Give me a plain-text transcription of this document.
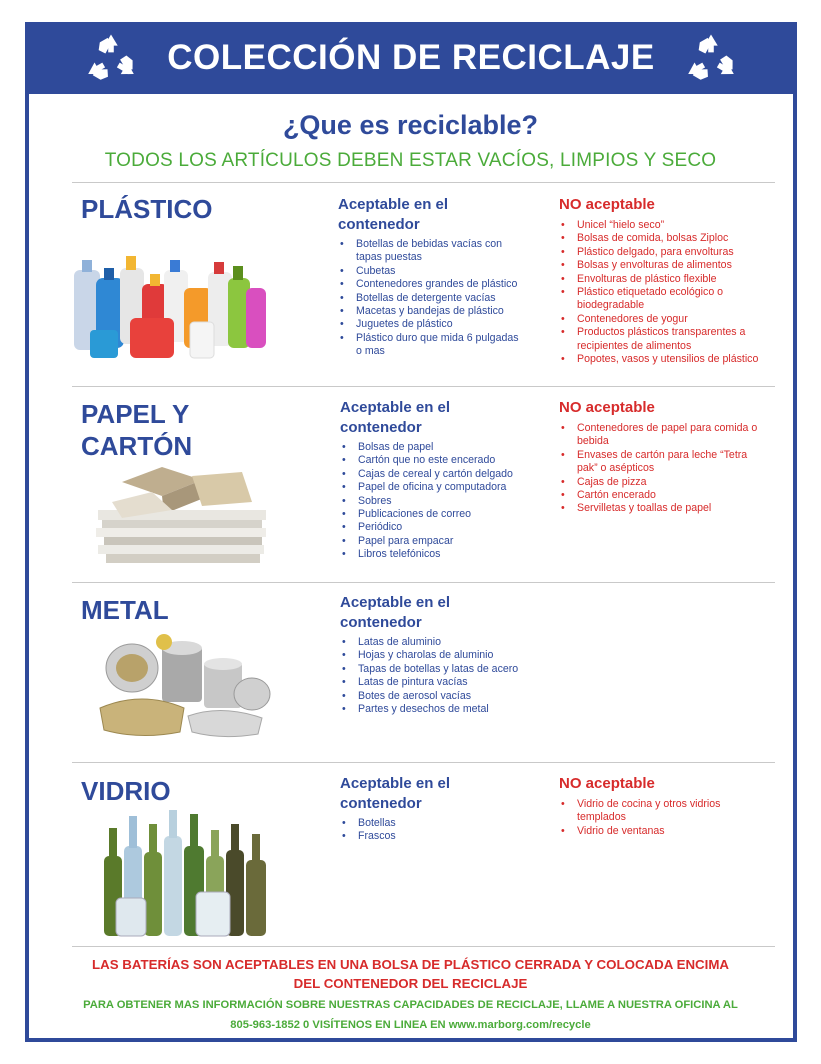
COLECCIÓN DE RECICLAJE
¿Que es reciclable?
TODOS LOS ARTÍCULOS DEBEN ESTAR VACÍOS, LIMPIOS Y SECO
PLÁSTICO	Aceptable en el contenedor
• Botellas de bebidas vacías con tapas puestas
• Cubetas
• Contenedores grandes de plástico
• Botellas de detergente vacías
• Macetas y bandejas de plástico
• Juguetes de plástico
• Plástico duro que mida 6 pulgadas o mas
NO aceptable
• Unicel “hielo seco”
• Bolsas de comida, bolsas Ziploc
• Plástico delgado, para envolturas
• Bolsas y envolturas de alimentos
• Envolturas de plástico flexible
• Plástico etiquetado ecológico o biodegradable
• Contenedores de yogur
• Productos plásticos transparentes a recipientes de alimentos
• Popotes, vasos y utensilios de plástico
PAPEL Y
CARTÓN
Aceptable en el contenedor
• Bolsas de papel
• Cartón que no este encerado
• Cajas de cereal y cartón delgado
• Papel de oficina y computadora
• Sobres
• Publicaciones de correo
• Periódico
• Papel para empacar
• Libros telefónicos
NO aceptable
• Contenedores de papel para comida o bebida
• Envases de cartón para leche “Tetra pak” o asépticos
• Cajas de pizza
• Cartón encerado
• Servilletas y toallas de papel
METAL	Aceptable en el contenedor
• Latas de aluminio
• Hojas y charolas de aluminio
• Tapas de botellas y latas de acero
• Latas de pintura vacías
• Botes de aerosol vacías
• Partes y desechos de metal
VIDRIO	Aceptable en el contenedor
• Botellas
• Frascos
NO aceptable
• Vidrio de cocina y otros vidrios templados
• Vidrio de ventanas
LAS BATERÍAS SON ACEPTABLES EN UNA BOLSA DE PLÁSTICO CERRADA Y COLOCADA ENCIMA
DEL CONTENEDOR DEL RECICLAJE
PARA OBTENER MAS INFORMACIÓN SOBRE NUESTRAS CAPACIDADES DE RECICLAJE, LLAME A NUESTRA OFICINA AL
805-963-1852 0 VISÍTENOS EN LINEA EN www.marborg.com/recycle
